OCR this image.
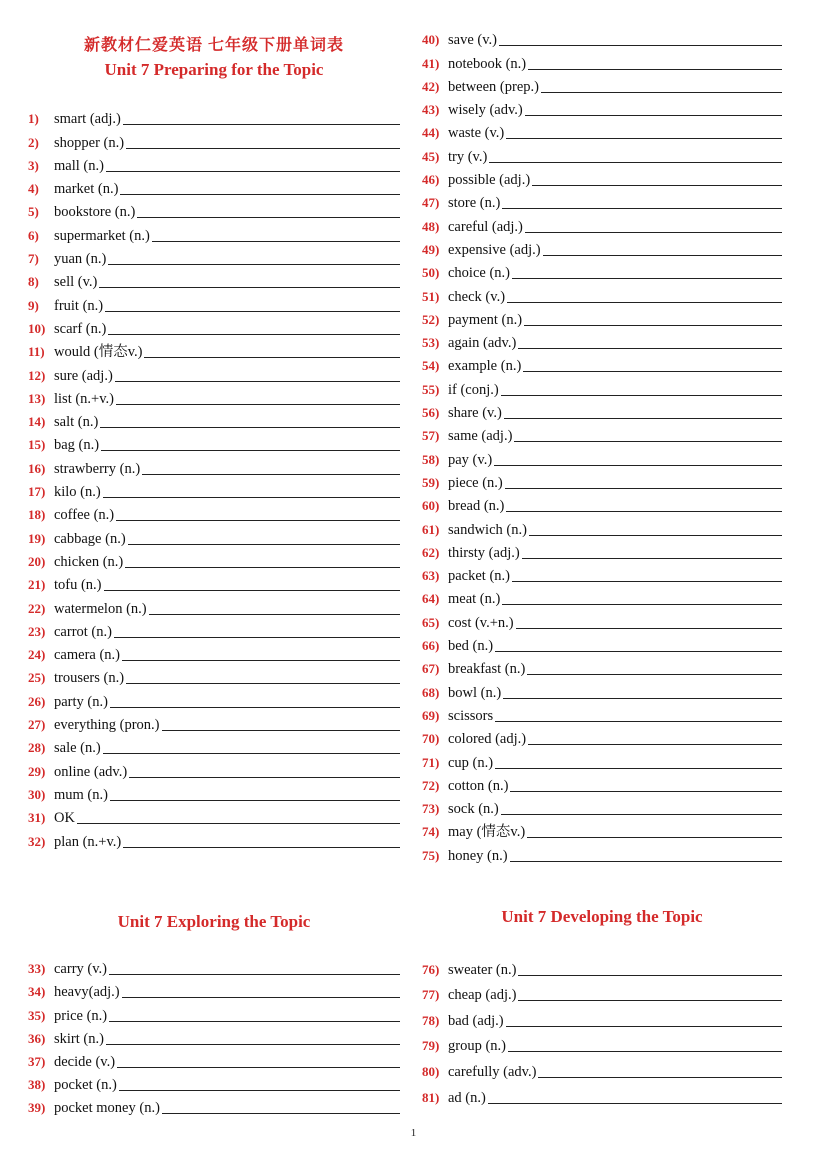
新教材仁爱英语 七年级下册单词表
Unit 7 Preparing for the Topic
1)	smart (adj.)
2)	shopper (n.)
3)	mall (n.)
4)	market (n.)
5)	bookstore (n.)
6)	supermarket (n.)
7)	yuan (n.)
8)	sell (v.)
9)	fruit (n.)
10) scarf (n.)
11) would (情态v.)
12) sure (adj.)
13) list (n.+v.)
14) salt (n.)
15) bag (n.)
16) strawberry (n.)
17) kilo (n.)
18) coffee (n.)
19) cabbage (n.)
20) chicken (n.)
21) tofu (n.)
22) watermelon (n.)
23) carrot (n.)
24) camera (n.)
25) trousers (n.)
26) party (n.)
27) everything (pron.)
28) sale (n.)
29) online (adv.)
30) mum (n.)
31) OK
32) plan (n.+v.)
Unit 7 Exploring the Topic
33) carry (v.)
34) heavy(adj.)
35) price (n.)
36) skirt (n.)
37) decide (v.)
38) pocket (n.)
39) pocket money (n.)
40) save (v.)
41) notebook (n.)
42) between (prep.)
43) wisely (adv.)
44) waste (v.)
45) try (v.)
46) possible (adj.)
47) store (n.)
48) careful (adj.)
49) expensive (adj.)
50) choice (n.)
51) check (v.)
52) payment (n.)
53) again (adv.)
54) example (n.)
55) if (conj.)
56) share (v.)
57) same (adj.)
58) pay (v.)
59) piece (n.)
60) bread (n.)
61) sandwich (n.)
62) thirsty (adj.)
63) packet (n.)
64) meat (n.)
65) cost (v.+n.)
66) bed (n.)
67) breakfast (n.)
68) bowl (n.)
69) scissors
70) colored (adj.)
71) cup (n.)
72) cotton (n.)
73) sock (n.)
74) may (情态v.)
75) honey (n.)
Unit 7 Developing the Topic
76) sweater (n.)
77) cheap (adj.)
78) bad (adj.)
79) group (n.)
80) carefully (adv.)
81) ad (n.)
1
